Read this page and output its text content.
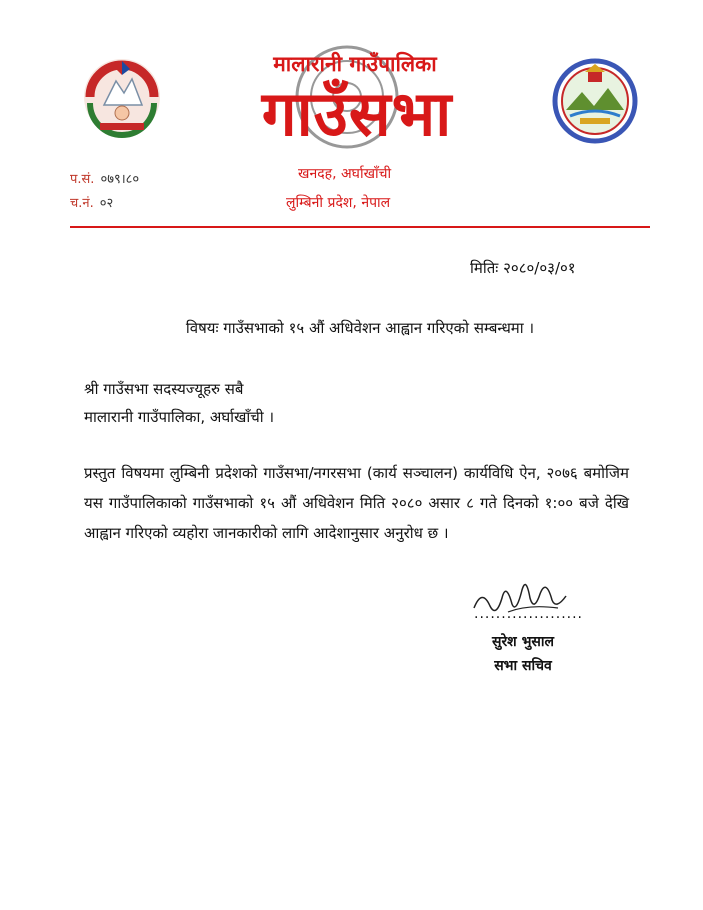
मालारानी गाउँपालिका
गाउँसभा
प.सं. ०७९।८०
च.नं. ०२
खनदह, अर्घाखाँची
लुम्बिनी प्रदेश, नेपाल
मितिः २०८०/०३/०१
विषयः गाउँसभाको १५ औं अधिवेशन आह्वान गरिएको सम्बन्धमा ।
श्री गाउँसभा सदस्यज्यूहरु सबै
मालारानी गाउँपालिका, अर्घाखाँची ।
प्रस्तुत विषयमा लुम्बिनी प्रदेशको गाउँसभा/नगरसभा (कार्य सञ्चालन) कार्यविधि ऐन, २०७६ बमोजिम यस गाउँपालिकाको गाउँसभाको १५ औं अधिवेशन मिति २०८० असार ८ गते दिनको १:०० बजे देखि आह्वान गरिएको व्यहोरा जानकारीको लागि आदेशानुसार अनुरोध छ ।
....................
सुरेश भुसाल
सभा सचिव
